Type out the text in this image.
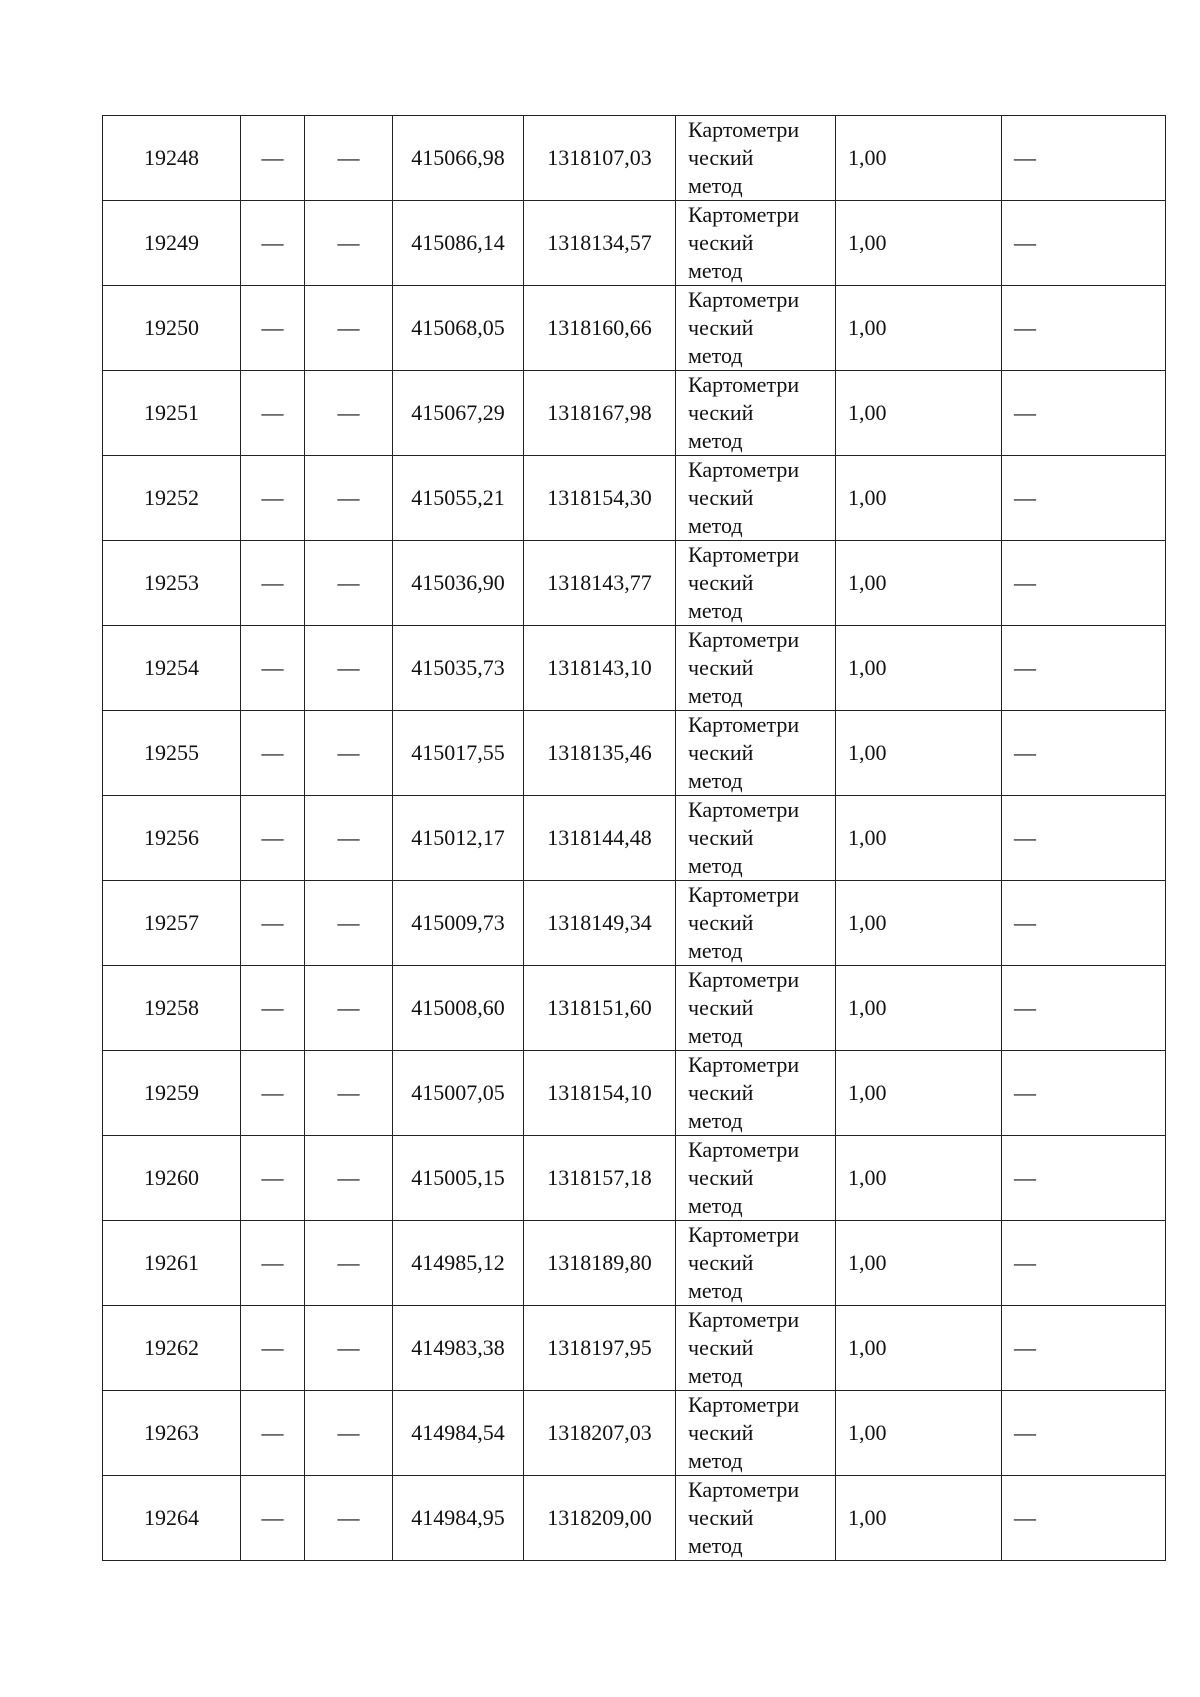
19248	—	—	415066,98	1318107,03	Картометри
ческий
метод	1,00	—
19249	—	—	415086,14	1318134,57	Картометри
ческий
метод	1,00	—
19250	—	—	415068,05	1318160,66	Картометри
ческий
метод	1,00	—
19251	—	—	415067,29	1318167,98	Картометри
ческий
метод	1,00	—
19252	—	—	415055,21	1318154,30	Картометри
ческий
метод	1,00	—
19253	—	—	415036,90	1318143,77	Картометри
ческий
метод	1,00	—
19254	—	—	415035,73	1318143,10	Картометри
ческий
метод	1,00	—
19255	—	—	415017,55	1318135,46	Картометри
ческий
метод	1,00	—
19256	—	—	415012,17	1318144,48	Картометри
ческий
метод	1,00	—
19257	—	—	415009,73	1318149,34	Картометри
ческий
метод	1,00	—
19258	—	—	415008,60	1318151,60	Картометри
ческий
метод	1,00	—
19259	—	—	415007,05	1318154,10	Картометри
ческий
метод	1,00	—
19260	—	—	415005,15	1318157,18	Картометри
ческий
метод	1,00	—
19261	—	—	414985,12	1318189,80	Картометри
ческий
метод	1,00	—
19262	—	—	414983,38	1318197,95	Картометри
ческий
метод	1,00	—
19263	—	—	414984,54	1318207,03	Картометри
ческий
метод	1,00	—
19264	—	—	414984,95	1318209,00	Картометри
ческий
метод	1,00	—
